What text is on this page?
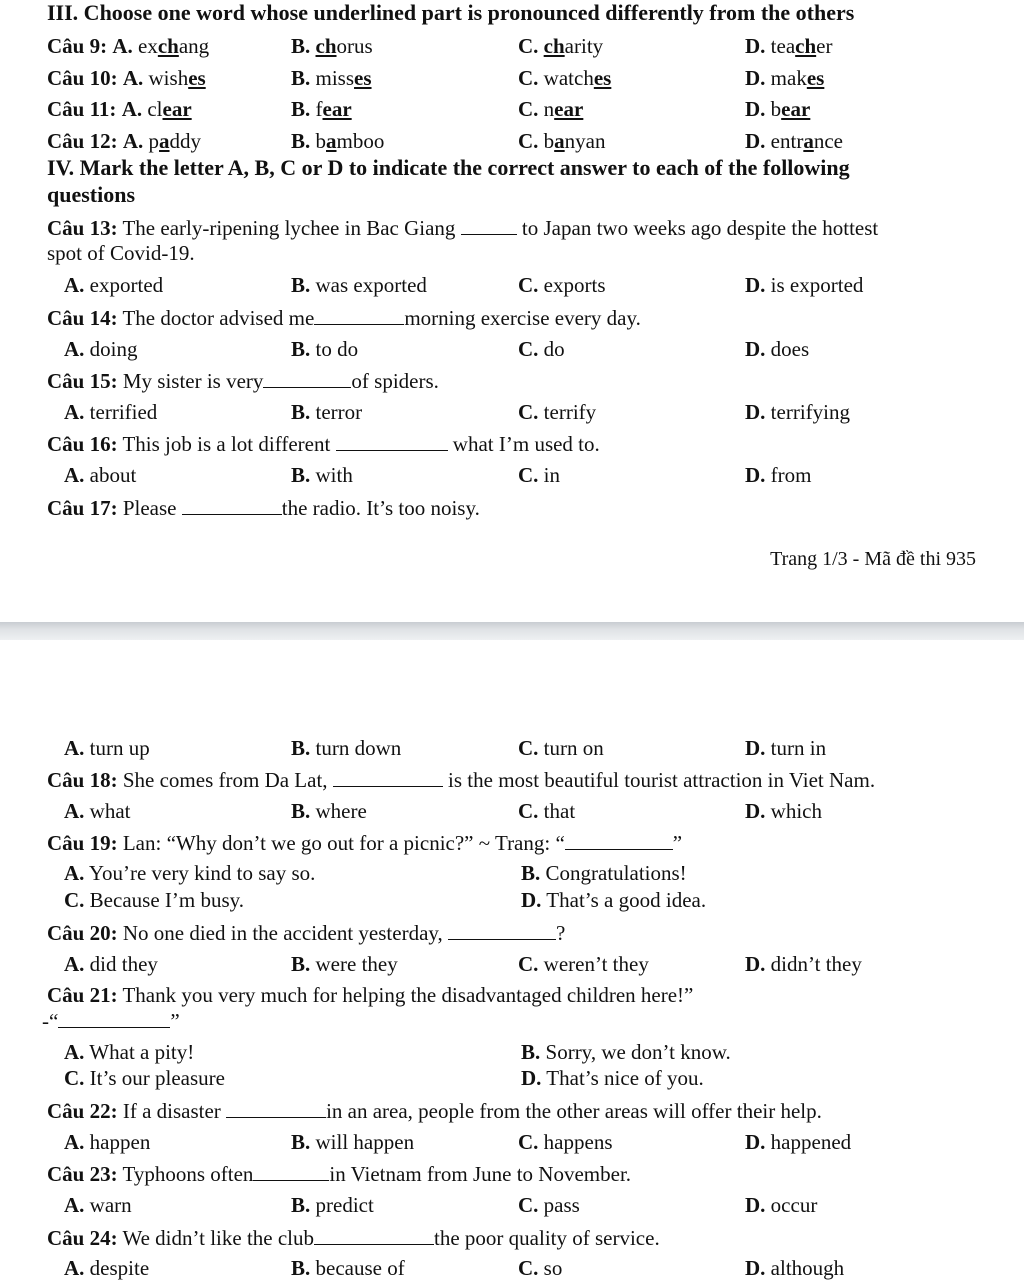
III. Choose one word whose underlined part is pronounced differently from the others
Câu 9: A. exchang	B. chorus	C. charity	D. teacher
Câu 10: A. wishes	B. misses	C. watches	D. makes
Câu 11: A. clear	B. fear	C. near	D. bear
Câu 12: A. paddy	B. bamboo	C. banyan	D. entrance
IV. Mark the letter A, B, C or D to indicate the correct answer to each of the following
questions
Câu 13: The early-ripening lychee in Bac Giang	to Japan two weeks ago despite the hottest
spot of Covid-19.
A. exported	B. was exported	C. exports	D. is exported
Câu 14: The doctor advised me	morning exercise every day.
A. doing	B. to do	C. do	D. does
Câu 15: My sister is very	of spiders.
A. terrified	B. terror	C. terrify	D. terrifying
Câu 16: This job is a lot different	what I’m used to.
A. about	B. with	C. in	D. from
Câu 17: Please	the radio. It’s too noisy.
Trang 1/3 - Mã đề thi 935
A. turn up	B. turn down	C. turn on	D. turn in
Câu 18: She comes from Da Lat,	is the most beautiful tourist attraction in Viet Nam.
A. what	B. where	C. that	D. which
Câu 19: Lan: “Why don’t we go out for a picnic?” ~ Trang: “	”
A. You’re very kind to say so.	B. Congratulations!
C. Because I’m busy.	D. That’s a good idea.
Câu 20: No one died in the accident yesterday,	?
A. did they	B. were they	C. weren’t they	D. didn’t they
Câu 21: Thank you very much for helping the disadvantaged children here!”
-“	”
A. What a pity!	B. Sorry, we don’t know.
C. It’s our pleasure	D. That’s nice of you.
Câu 22: If a disaster	in an area, people from the other areas will offer their help.
A. happen	B. will happen	C. happens	D. happened
Câu 23: Typhoons often	in Vietnam from June to November.
A. warn	B. predict	C. pass	D. occur
Câu 24: We didn’t like the club	the poor quality of service.
A. despite	B. because of	C. so	D. although
